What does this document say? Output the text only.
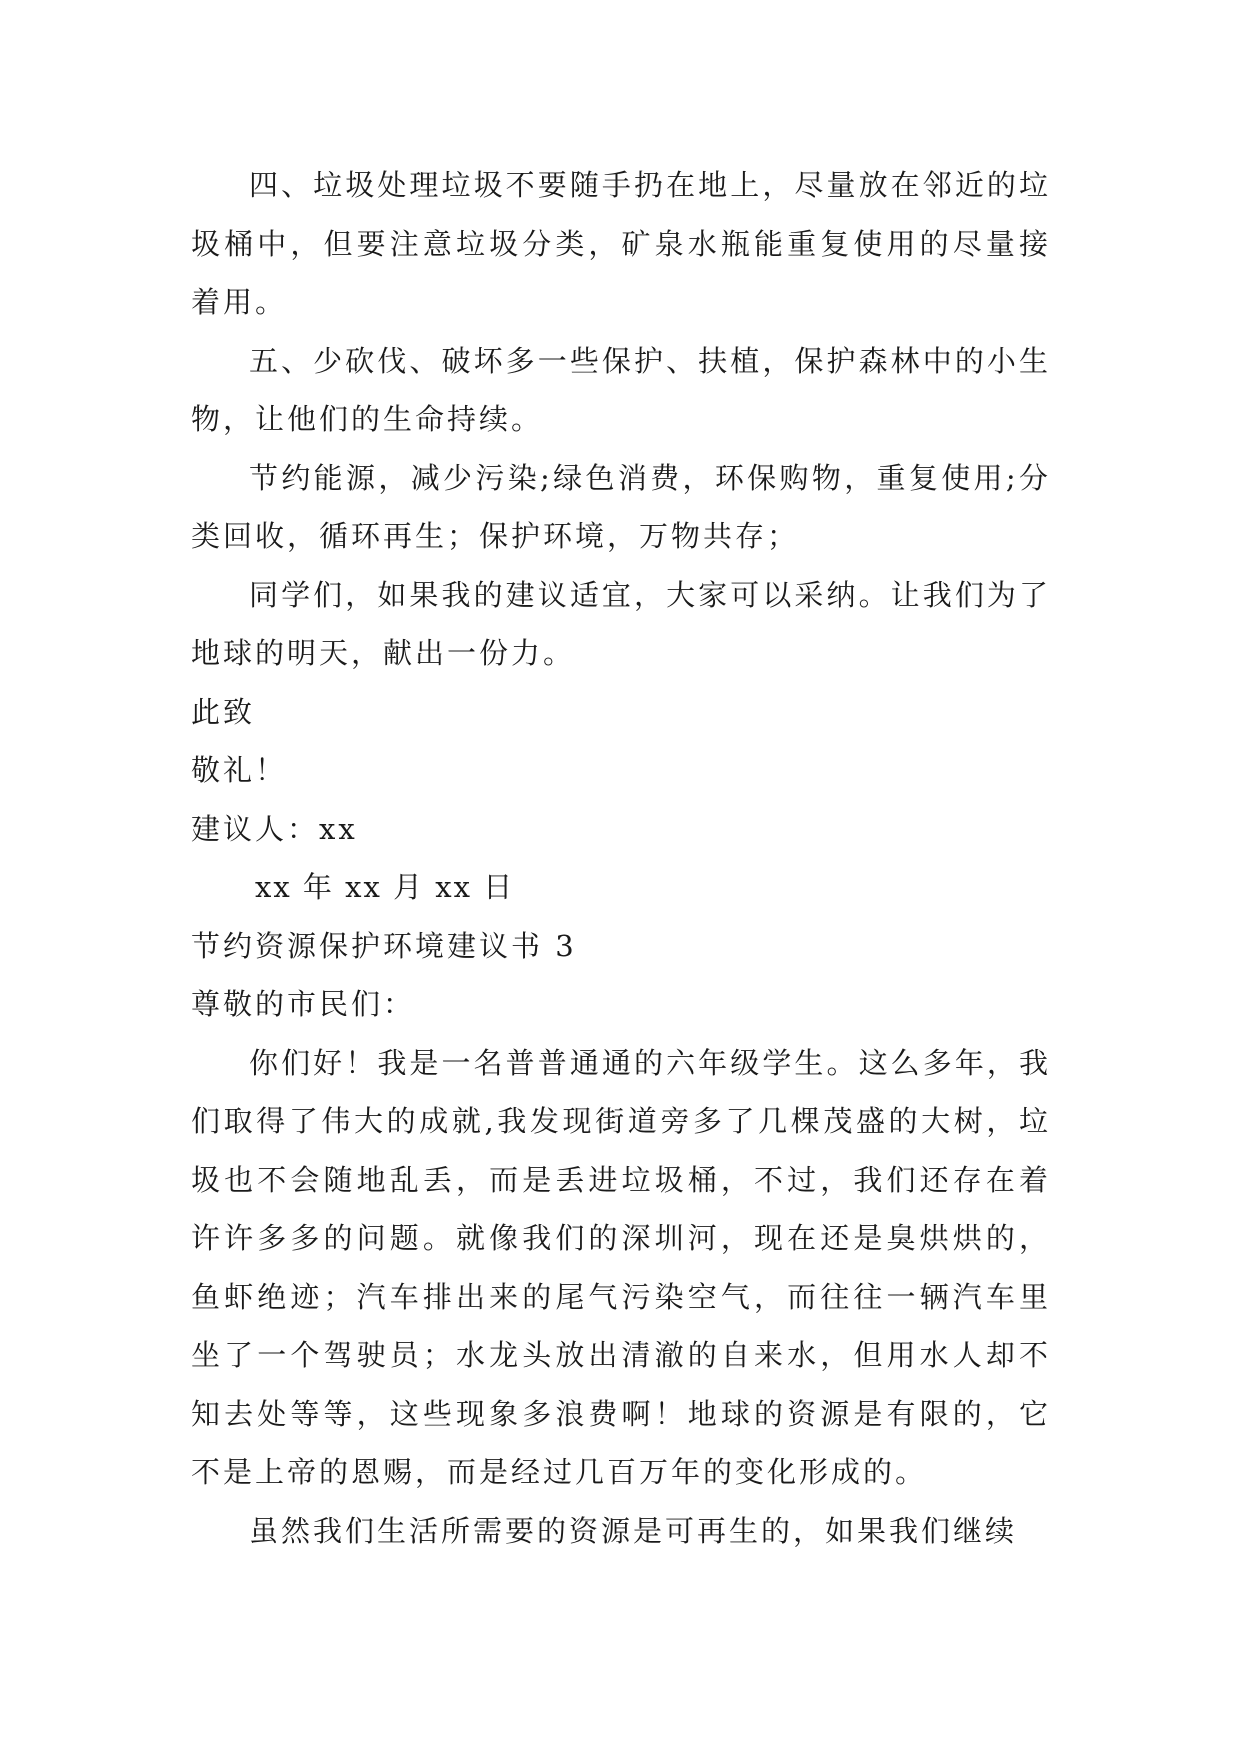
四、垃圾处理垃圾不要随手扔在地上，尽量放在邻近的垃圾桶中，但要注意垃圾分类，矿泉水瓶能重复使用的尽量接着用。

五、少砍伐、破坏多一些保护、扶植，保护森林中的小生物，让他们的生命持续。

节约能源，减少污染;绿色消费，环保购物，重复使用;分类回收，循环再生；保护环境，万物共存；

同学们，如果我的建议适宜，大家可以采纳。让我们为了地球的明天，献出一份力。

此致

敬礼！

建议人：xx

xx 年 xx 月 xx 日

节约资源保护环境建议书 3

尊敬的市民们：

你们好！我是一名普普通通的六年级学生。这么多年，我们取得了伟大的成就,我发现街道旁多了几棵茂盛的大树，垃圾也不会随地乱丢，而是丢进垃圾桶，不过，我们还存在着许许多多的问题。就像我们的深圳河，现在还是臭烘烘的，鱼虾绝迹；汽车排出来的尾气污染空气，而往往一辆汽车里坐了一个驾驶员；水龙头放出清澈的自来水，但用水人却不知去处等等，这些现象多浪费啊！地球的资源是有限的，它不是上帝的恩赐，而是经过几百万年的变化形成的。

虽然我们生活所需要的资源是可再生的，如果我们继续
